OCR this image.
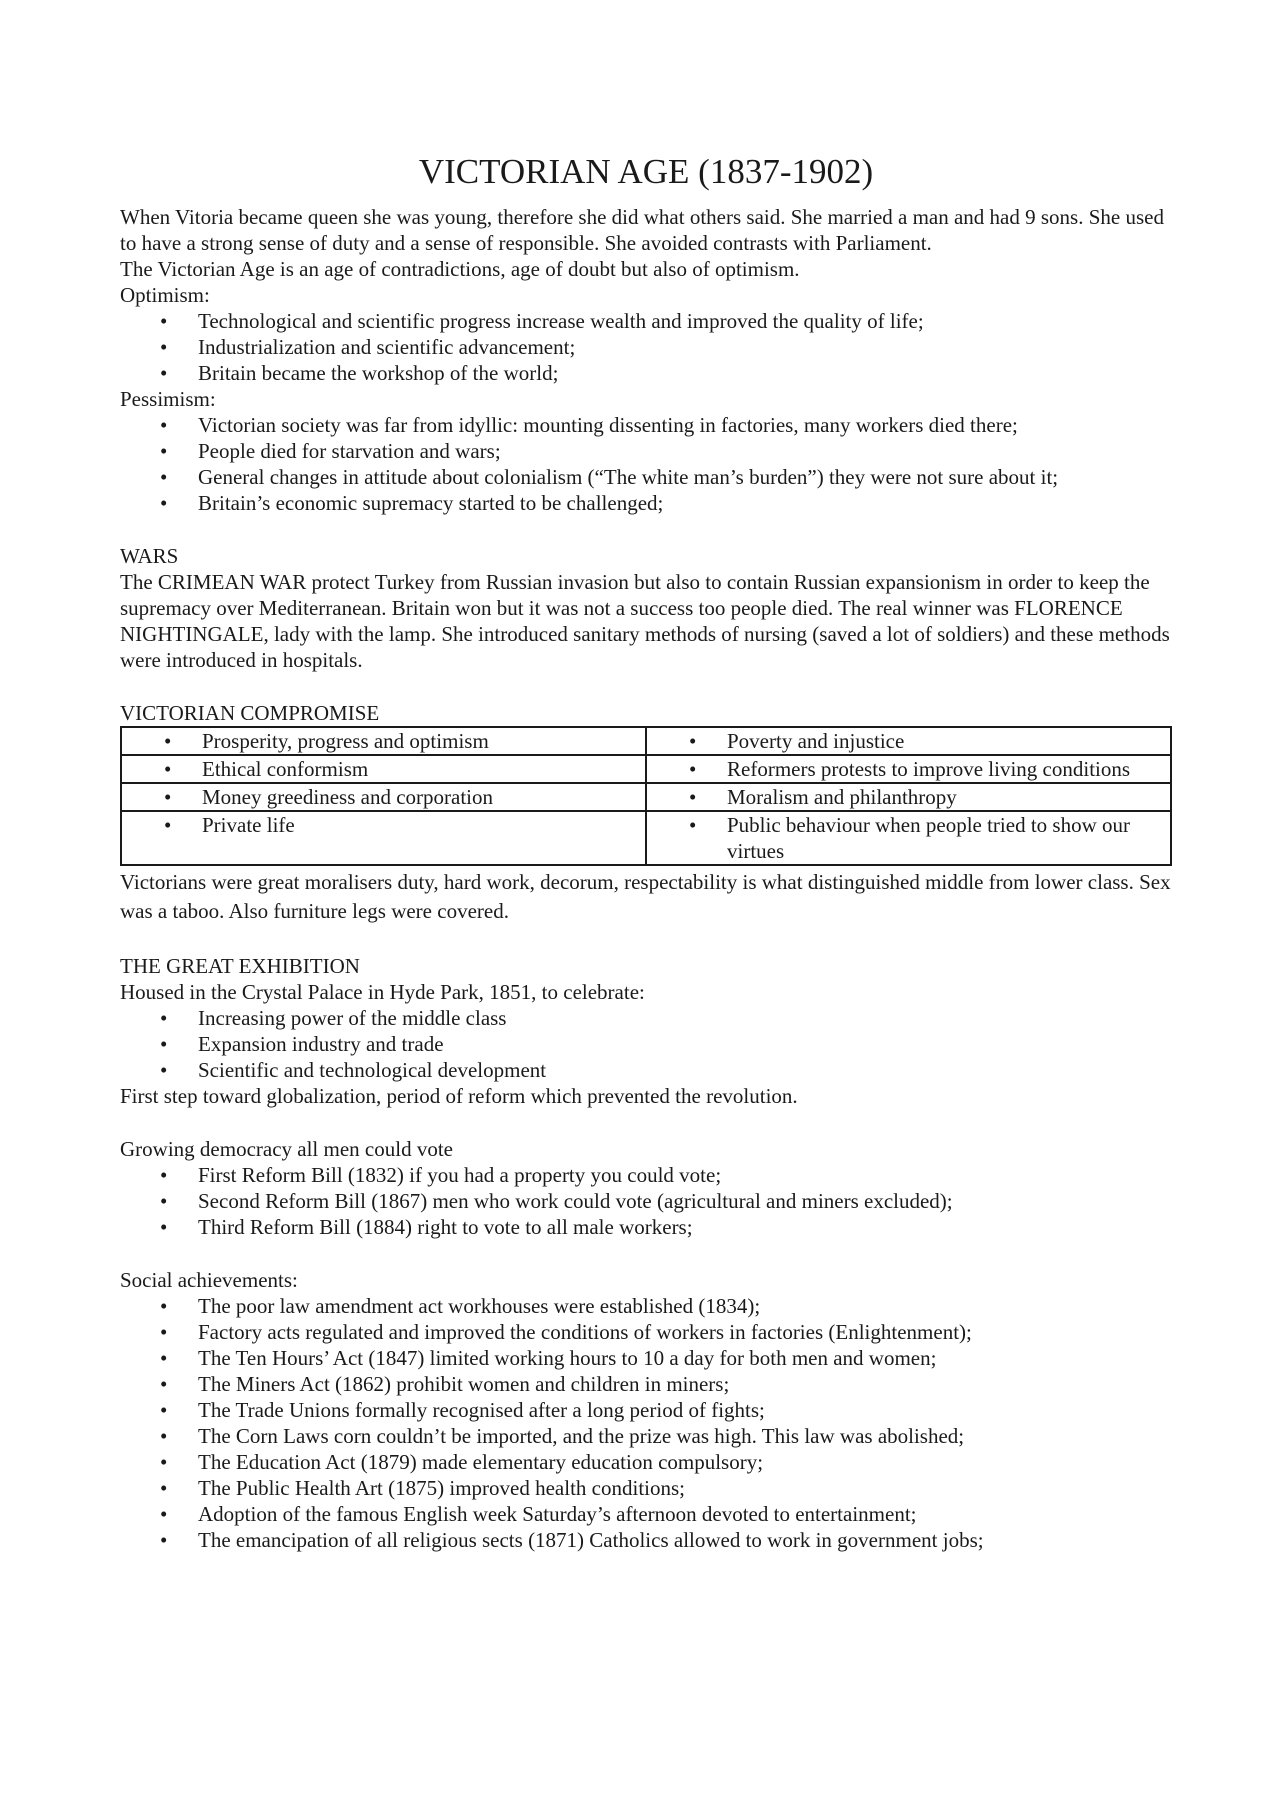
VICTORIAN AGE (1837-1902)

When Vitoria became queen she was young, therefore she did what others said. She married a man and had 9 sons. She used to have a strong sense of duty and a sense of responsible. She avoided contrasts with Parliament.

The Victorian Age is an age of contradictions, age of doubt but also of optimism.

Optimism:

• Technological and scientific progress increase wealth and improved the quality of life;
• Industrialization and scientific advancement;
• Britain became the workshop of the world;

Pessimism:

• Victorian society was far from idyllic: mounting dissenting in factories, many workers died there;
• People died for starvation and wars;
• General changes in attitude about colonialism (“The white man’s burden”) they were not sure about it;
• Britain’s economic supremacy started to be challenged;

WARS

The CRIMEAN WAR protect Turkey from Russian invasion but also to contain Russian expansionism in order to keep the supremacy over Mediterranean. Britain won but it was not a success too people died. The real winner was FLORENCE NIGHTINGALE, lady with the lamp. She introduced sanitary methods of nursing (saved a lot of soldiers) and these methods were introduced in hospitals.

VICTORIAN COMPROMISE

• Prosperity, progress and optimism	• Poverty and injustice

• Ethical conformism	• Reformers protests to improve living conditions

• Money greediness and corporation	• Moralism and philanthropy

• Private life	• Public behaviour when people tried to show our virtues

Victorians were great moralisers duty, hard work, decorum, respectability is what distinguished middle from lower class. Sex was a taboo. Also furniture legs were covered.

THE GREAT EXHIBITION

Housed in the Crystal Palace in Hyde Park, 1851, to celebrate:

• Increasing power of the middle class
• Expansion industry and trade
• Scientific and technological development

First step toward globalization, period of reform which prevented the revolution.

Growing democracy all men could vote

• First Reform Bill (1832) if you had a property you could vote;
• Second Reform Bill (1867) men who work could vote (agricultural and miners excluded);
• Third Reform Bill (1884) right to vote to all male workers;

Social achievements:

• The poor law amendment act workhouses were established (1834);
• Factory acts regulated and improved the conditions of workers in factories (Enlightenment);
• The Ten Hours’ Act (1847) limited working hours to 10 a day for both men and women;
• The Miners Act (1862) prohibit women and children in miners;
• The Trade Unions formally recognised after a long period of fights;
• The Corn Laws corn couldn’t be imported, and the prize was high. This law was abolished;
• The Education Act (1879) made elementary education compulsory;
• The Public Health Art (1875) improved health conditions;
• Adoption of the famous English week Saturday’s afternoon devoted to entertainment;
• The emancipation of all religious sects (1871) Catholics allowed to work in government jobs;
